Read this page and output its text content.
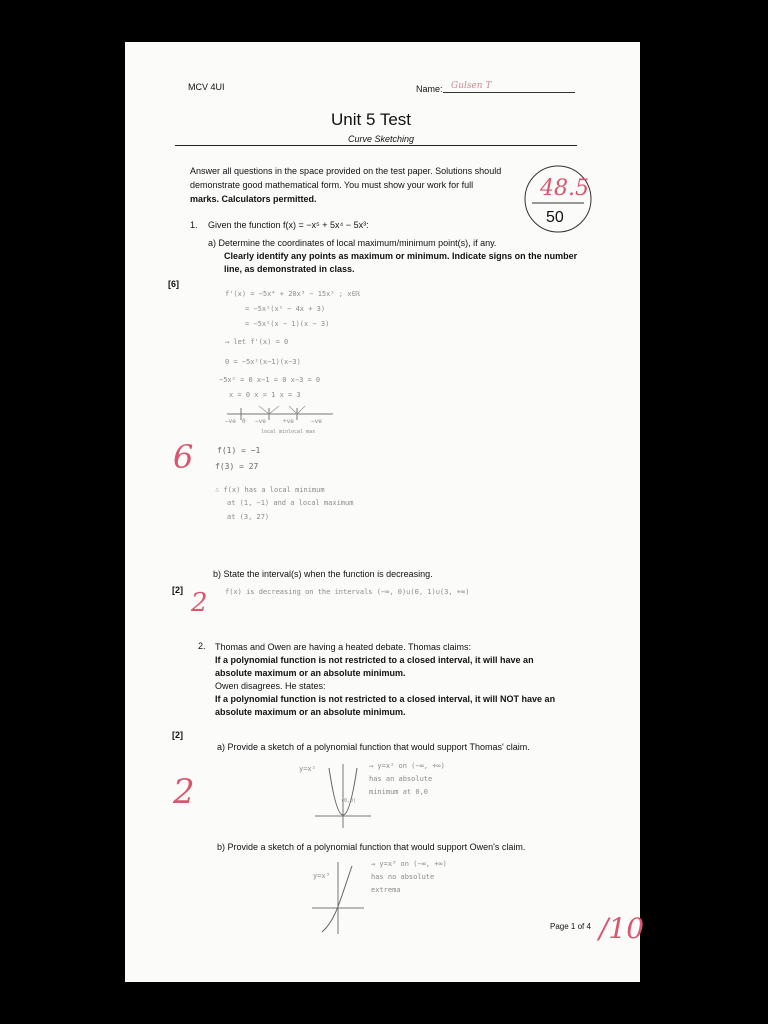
MCV 4UI	Name: Gulsen T
Unit 5 Test
Curve Sketching
Answer all questions in the space provided on the test paper. Solutions should
demonstrate good mathematical form. You must show your work for full
marks. Calculators permitted.	48.5
50
1. Given the function f(x) = −x⁵ + 5x⁴ − 5x³:
a) Determine the coordinates of local maximum/minimum point(s), if any.
Clearly identify any points as maximum or minimum. Indicate signs on the number
line, as demonstrated in class.
[6]
f'(x) = −5x⁴ + 20x³ − 15x² ; x∈ℝ
= −5x²(x² − 4x + 3)
= −5x²(x − 1)(x − 3)
→ let f'(x) = 0
0 = −5x²(x−1)(x−3)
−5x² = 0 x−1 = 0 x−3 = 0
x = 0 x = 1 x = 3
−ve 0 −ve	+ve	−ve
local min local max
f(1) = −1
f(3) = 27
∴ f(x) has a local minimum
at (1, −1) and a local maximum
at (3, 27)
6
b) State the interval(s) when the function is decreasing.
[2]	f(x) is decreasing on the intervals (−∞, 0)∪(0, 1)∪(3, +∞)
2
2. Thomas and Owen are having a heated debate. Thomas claims:
If a polynomial function is not restricted to a closed interval, it will have an
absolute maximum or an absolute minimum.
Owen disagrees. He states:
If a polynomial function is not restricted to a closed interval, it will NOT have an
absolute maximum or an absolute minimum.
[2]
a) Provide a sketch of a polynomial function that would support Thomas' claim.
y=x²
(0,0)
→ y=x² on (−∞, +∞)
has an absolute
minimum at 0,0
2
b) Provide a sketch of a polynomial function that would support Owen's claim.
y=x³
→ y=x³ on (−∞, +∞)
has no absolute
extrema
Page 1 of 4 /10
